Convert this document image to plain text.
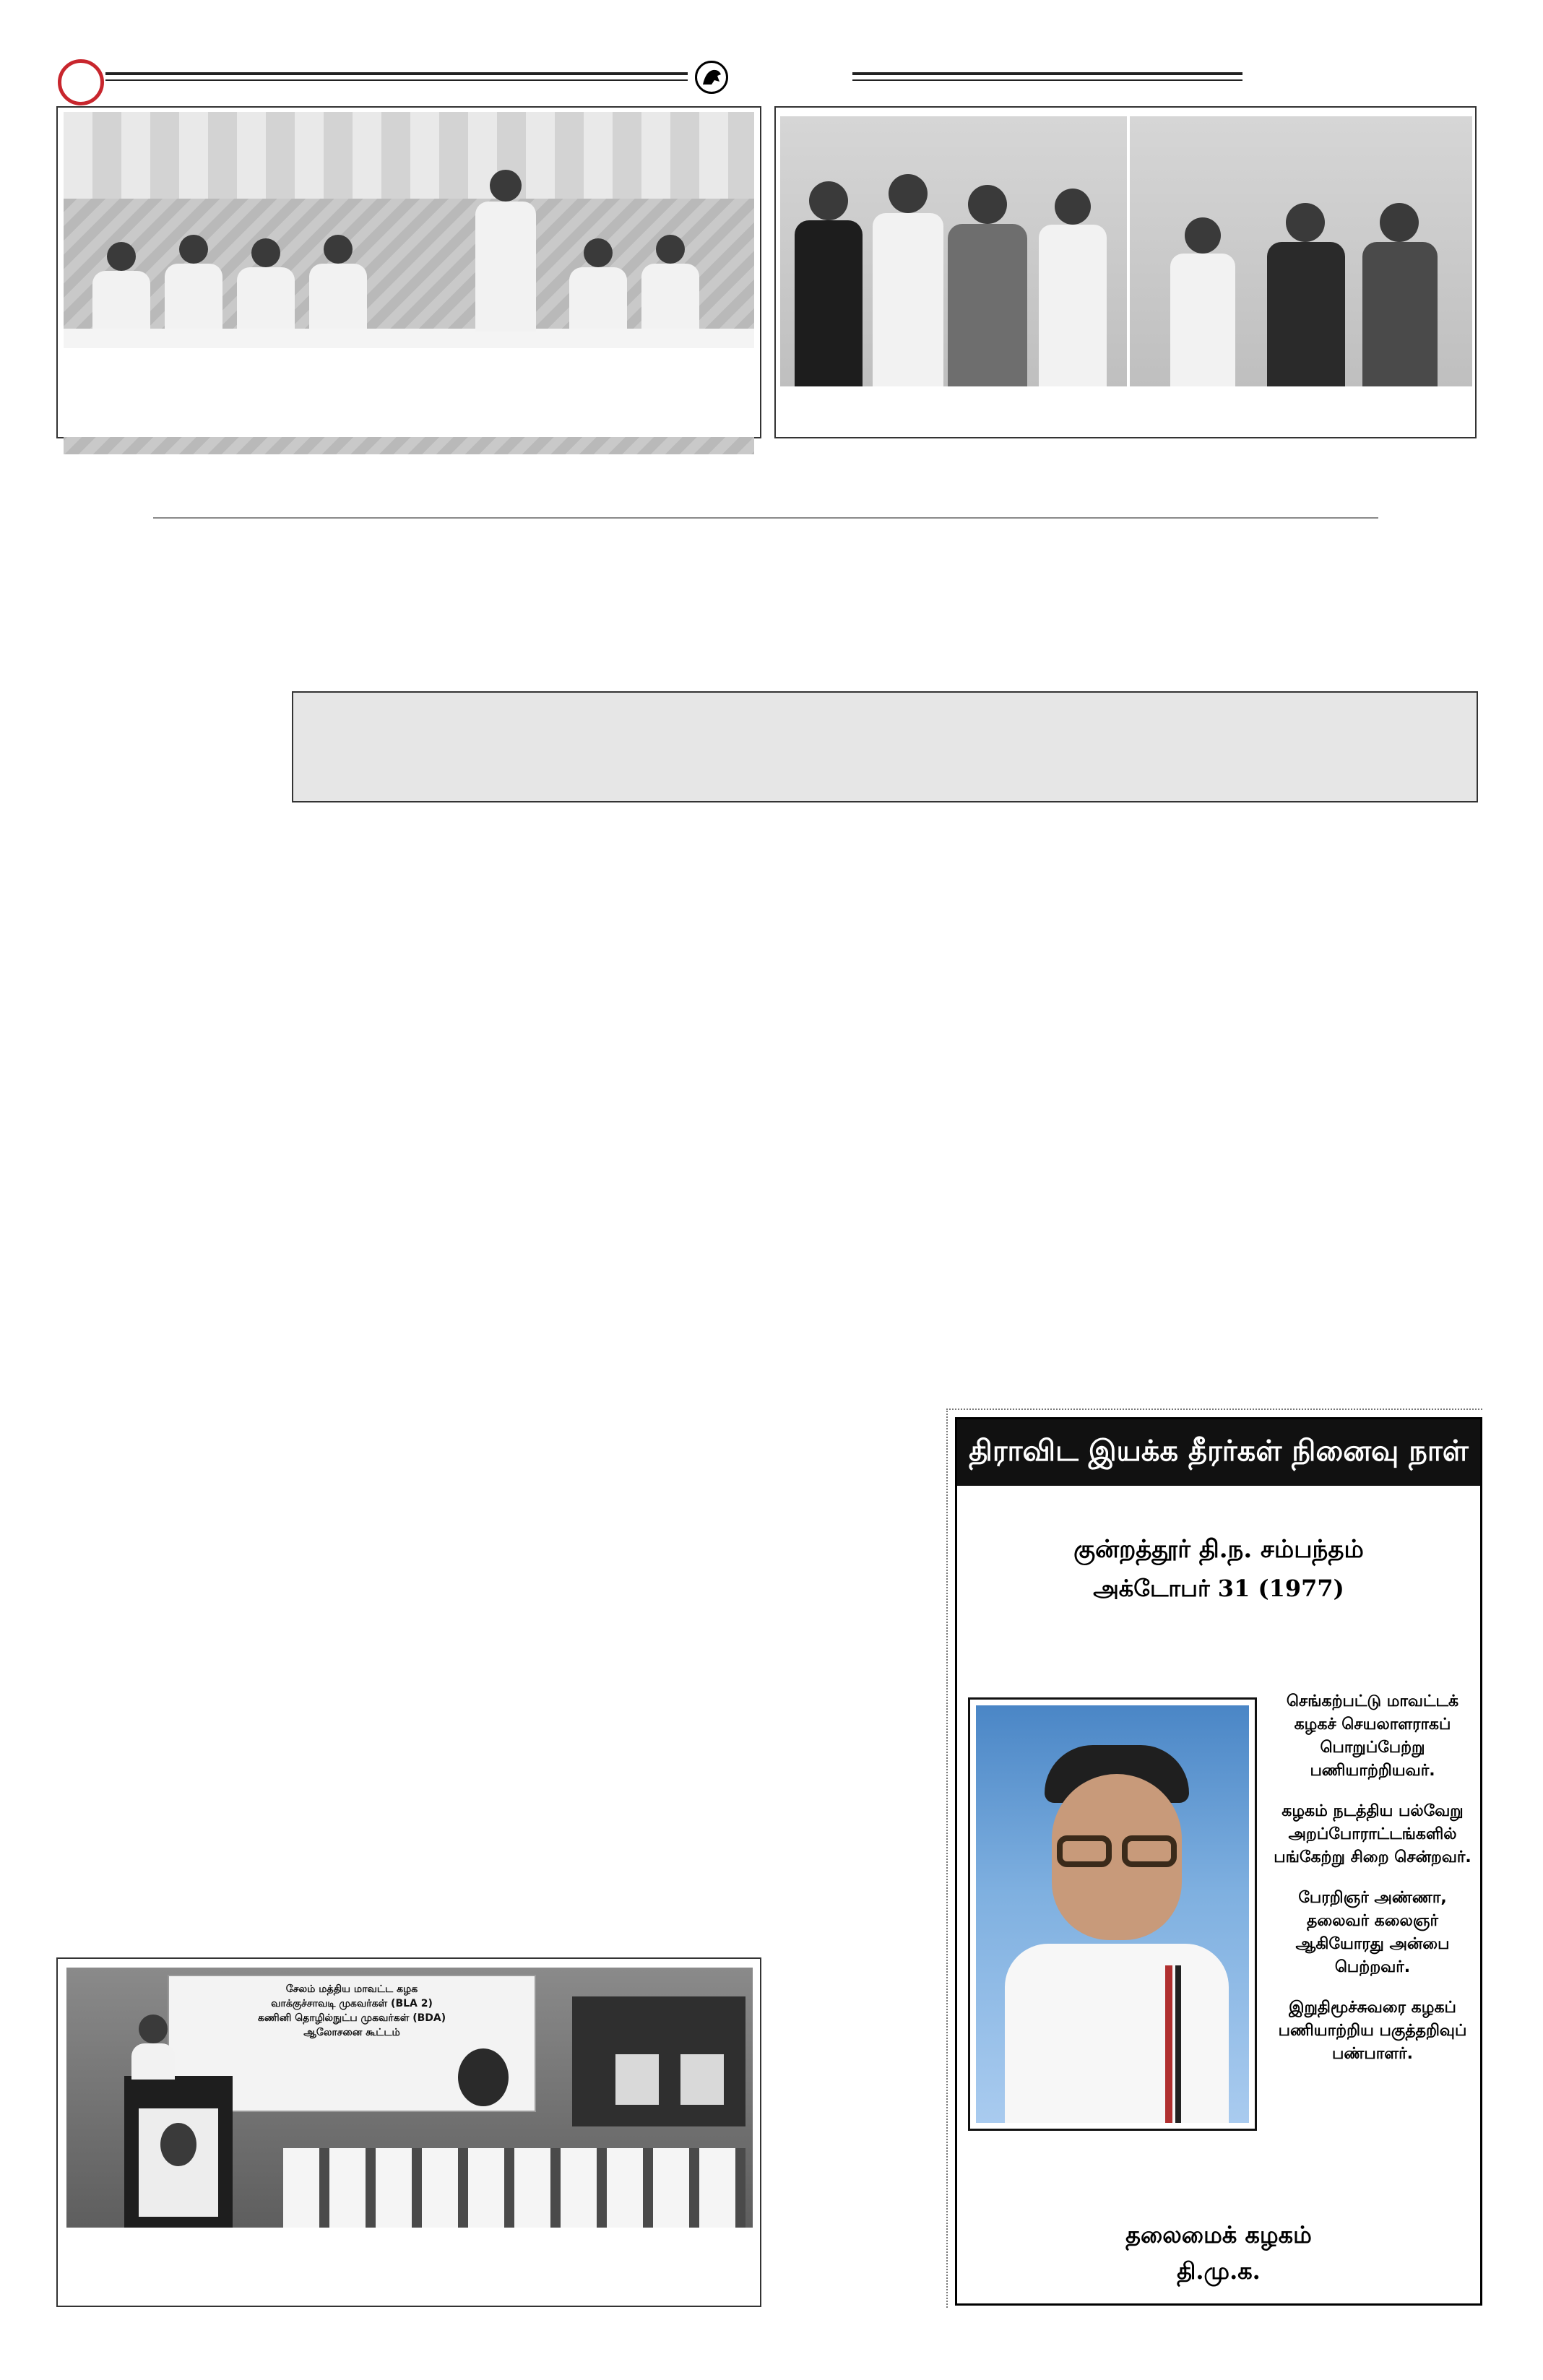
திராவிட இயக்க தீரர்கள் நினைவு நாள்
குன்றத்தூர் தி.ந. சம்பந்தம்
அக்டோபர் 31 (1977)

செங்கற்பட்டு மாவட்டக் கழகச் செயலாளராகப் பொறுப்பேற்று பணியாற்றியவர்.

கழகம் நடத்திய பல்வேறு அறப்போராட்டங்களில் பங்கேற்று சிறை சென்றவர்.

பேரறிஞர் அண்ணா, தலைவர் கலைஞர் ஆகியோரது அன்பை பெற்றவர்.

இறுதிமூச்சுவரை கழகப் பணியாற்றிய பகுத்தறிவுப் பண்பாளர்.

தலைமைக் கழகம்
தி.மு.க.
சேலம் மத்திய மாவட்ட கழக
வாக்குச்சாவடி முகவர்கள் (BLA 2)
கணினி தொழில்நுட்ப முகவர்கள் (BDA)
ஆலோசனை கூட்டம்
